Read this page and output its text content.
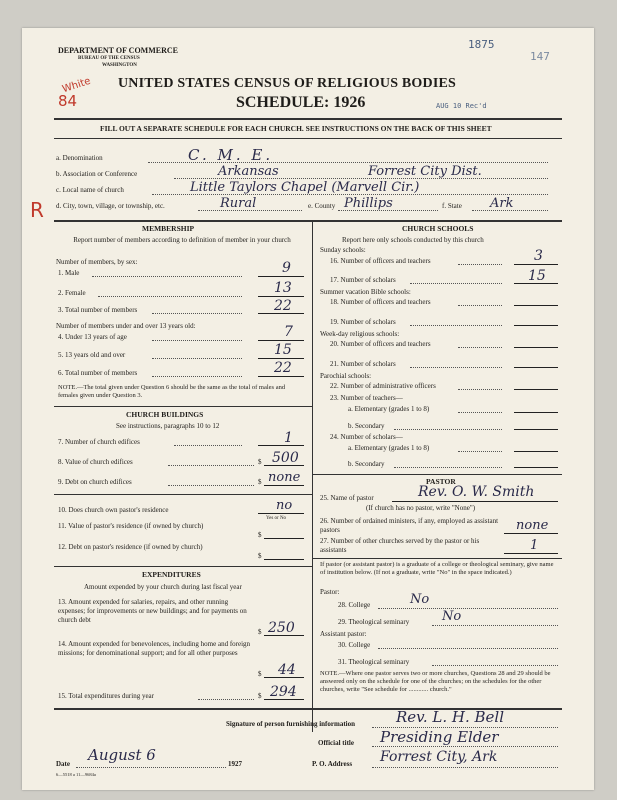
DEPARTMENT OF COMMERCE
BUREAU OF THE CENSUS
WASHINGTON
1875
147
White
84
UNITED STATES CENSUS OF RELIGIOUS BODIES
SCHEDULE: 1926	AUG 10 Rec'd
FILL OUT A SEPARATE SCHEDULE FOR EACH CHURCH. SEE INSTRUCTIONS ON THE BACK OF THIS SHEET
a. Denomination	C. M. E.
b. Association or Conference	Arkansas	Forrest City Dist.
c. Local name of church	Little Taylors Chapel (Marvell Cir.)
R d. City, town, village, or township, etc.	Rural	e. County Phillips	f. State Ark
MEMBERSHIP
Report number of members according to definition of member in your church
Number of members, by sex:
1. Male	9
2. Female	13
3. Total number of members	22
Number of members under and over 13 years old:
4. Under 13 years of age	7
5. 13 years old and over	15
6. Total number of members	22
NOTE.—The total given under Question 6 should be the same as the total of males and females given under Question 3.
CHURCH BUILDINGS
See instructions, paragraphs 10 to 12
7. Number of church edifices	1
8. Value of church edifices	$ 500
9. Debt on church edifices	$ none
10. Does church own pastor's residence	no
Yes or No
11. Value of pastor's residence (if owned by church)
$
12. Debt on pastor's residence (if owned by church)
$
EXPENDITURES
Amount expended by your church during last fiscal year
13. Amount expended for salaries, repairs, and other running expenses; for improvements or new buildings; and for payments on church debt
$ 250
14. Amount expended for benevolences, including home and foreign missions; for denominational support; and for all other purposes
$ 44
15. Total expenditures during year	$ 294
CHURCH SCHOOLS
Report here only schools conducted by this church
Sunday schools:
16. Number of officers and teachers	3
17. Number of scholars	15
Summer vacation Bible schools:
18. Number of officers and teachers
19. Number of scholars
Week-day religious schools:
20. Number of officers and teachers
21. Number of scholars
Parochial schools:
22. Number of administrative officers
23. Number of teachers—
a. Elementary (grades 1 to 8)
b. Secondary
24. Number of scholars—
a. Elementary (grades 1 to 8)
b. Secondary
PASTOR
25. Name of pastor	Rev. O. W. Smith
(If church has no pastor, write "None")
26. Number of ordained ministers, if any, employed as assistant pastors	none
27. Number of other churches served by the pastor or his assistants	1
If pastor (or assistant pastor) is a graduate of a college or theological seminary, give name of institution below. (If not a graduate, write "No" in the space indicated.)
Pastor:
28. College	No
29. Theological seminary	No
Assistant pastor:
30. College
31. Theological seminary
NOTE.—Where one pastor serves two or more churches, Questions 28 and 29 should be answered only on the schedule for one of the churches; on the schedules for the other churches, write "See schedule for ............ church."
Signature of person furnishing information	Rev. L. H. Bell
Official title Presiding Elder
Date August 6	1927	P. O. Address Forrest City, Ark
6—5518 a 11—9684a
